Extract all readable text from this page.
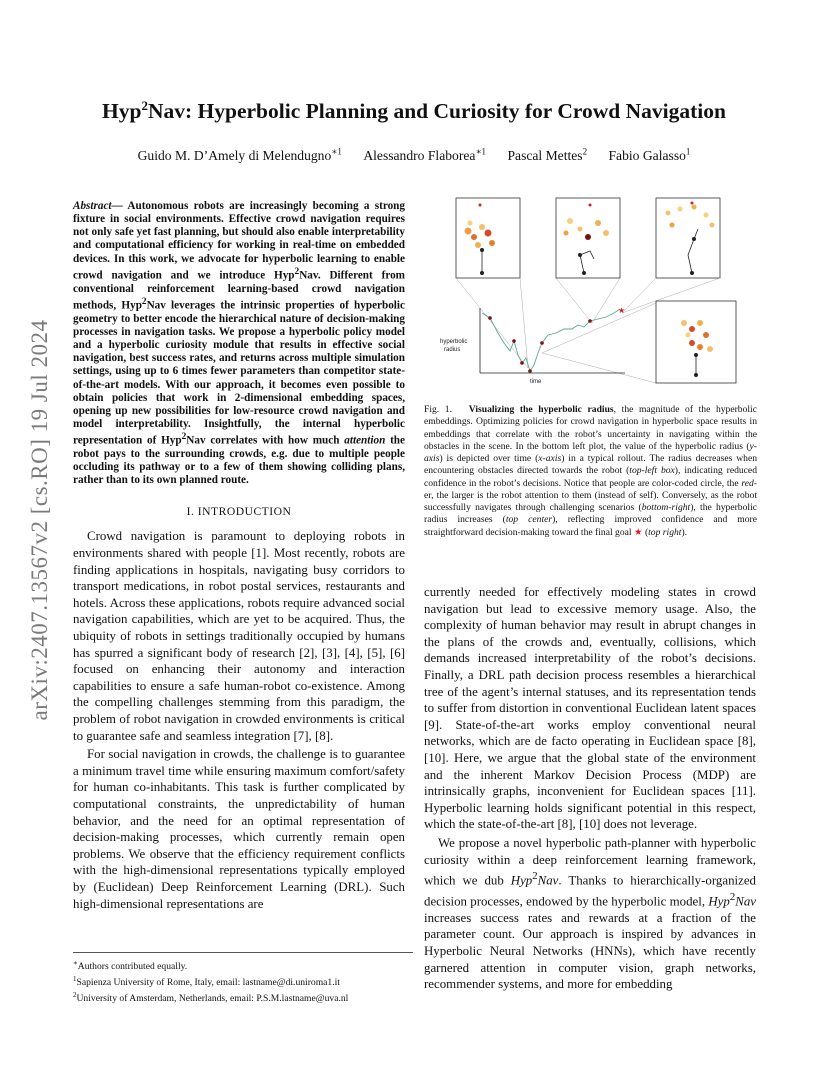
arXiv:2407.13567v2 [cs.RO] 19 Jul 2024
Hyp$^2$Nav: Hyperbolic Planning and Curiosity for Crowd Navigation
Guido M. D’Amely di Melendugno$^{∗1}$ Alessandro Flaborea$^{∗1}$ Pascal Mettes$^2$ Fabio Galasso$^1$

Abstract— Autonomous robots are increasingly becoming a strong fixture in social environments. Effective crowd navigation requires not only safe yet fast planning, but should also enable interpretability and computational efficiency for working in real-time on embedded devices. In this work, we advocate for hyperbolic learning to enable crowd navigation and we introduce Hyp$^2$Nav. Different from conventional reinforcement learning-based crowd navigation methods, Hyp$^2$Nav leverages the intrinsic properties of hyperbolic geometry to better encode the hierarchical nature of decision-making processes in navigation tasks. We propose a hyperbolic policy model and a hyperbolic curiosity module that results in effective social navigation, best success rates, and returns across multiple simulation settings, using up to 6 times fewer parameters than competitor state-of-the-art models. With our approach, it becomes even possible to obtain policies that work in 2-dimensional embedding spaces, opening up new possibilities for low-resource crowd navigation and model interpretability. Insightfully, the internal hyperbolic representation of Hyp$^2$Nav correlates with how much attention the robot pays to the surrounding crowds, e.g. due to multiple people occluding its pathway or to a few of them showing colliding plans, rather than to its own planned route.

I. INTRODUCTION

Crowd navigation is paramount to deploying robots in environments shared with people [1]. Most recently, robots are finding applications in hospitals, navigating busy corridors to transport medications, in robot postal services, restaurants and hotels. Across these applications, robots require advanced social navigation capabilities, which are yet to be acquired. Thus, the ubiquity of robots in settings traditionally occupied by humans has spurred a significant body of research [2], [3], [4], [5], [6] focused on enhancing their autonomy and interaction capabilities to ensure a safe human-robot co-existence. Among the compelling challenges stemming from this paradigm, the problem of robot navigation in crowded environments is critical to guarantee safe and seamless integration [7], [8].

For social navigation in crowds, the challenge is to guarantee a minimum travel time while ensuring maximum comfort/safety for human co-inhabitants. This task is further complicated by computational constraints, the unpredictability of human behavior, and the need for an optimal representation of decision-making processes, which currently remain open problems. We observe that the efficiency requirement conflicts with the high-dimensional representations typically employed by (Euclidean) Deep Reinforcement Learning (DRL). Such high-dimensional representations are

∗Authors contributed equally.
$^1$Sapienza University of Rome, Italy, email: lastname@di.uniroma1.it
$^2$University of Amsterdam, Netherlands, email: P.S.M.lastname@uva.nl
★
hyperbolic
radius
time
Fig. 1. Visualizing the hyperbolic radius, the magnitude of the hyperbolic embeddings. Optimizing policies for crowd navigation in hyperbolic space results in embeddings that correlate with the robot’s uncertainty in navigating within the obstacles in the scene. In the bottom left plot, the value of the hyperbolic radius (y-axis) is depicted over time (x-axis) in a typical rollout. The radius decreases when encountering obstacles directed towards the robot (top-left box), indicating reduced confidence in the robot’s decisions. Notice that people are color-coded circle, the red-er, the larger is the robot attention to them (instead of self). Conversely, as the robot successfully navigates through challenging scenarios (bottom-right), the hyperbolic radius increases (top center), reflecting improved confidence and more straightforward decision-making toward the final goal ★ (top right).

currently needed for effectively modeling states in crowd navigation but lead to excessive memory usage. Also, the complexity of human behavior may result in abrupt changes in the plans of the crowds and, eventually, collisions, which demands increased interpretability of the robot’s decisions. Finally, a DRL path decision process resembles a hierarchical tree of the agent’s internal statuses, and its representation tends to suffer from distortion in conventional Euclidean latent spaces [9]. State-of-the-art works employ conventional neural networks, which are de facto operating in Euclidean space [8], [10]. Here, we argue that the global state of the environment and the inherent Markov Decision Process (MDP) are intrinsically graphs, inconvenient for Euclidean spaces [11]. Hyperbolic learning holds significant potential in this respect, which the state-of-the-art [8], [10] does not leverage.

We propose a novel hyperbolic path-planner with hyperbolic curiosity within a deep reinforcement learning framework, which we dub Hyp$^2$Nav. Thanks to hierarchically-organized decision processes, endowed by the hyperbolic model, Hyp$^2$Nav increases success rates and rewards at a fraction of the parameter count. Our approach is inspired by advances in Hyperbolic Neural Networks (HNNs), which have recently garnered attention in computer vision, graph networks, recommender systems, and more for embedding
